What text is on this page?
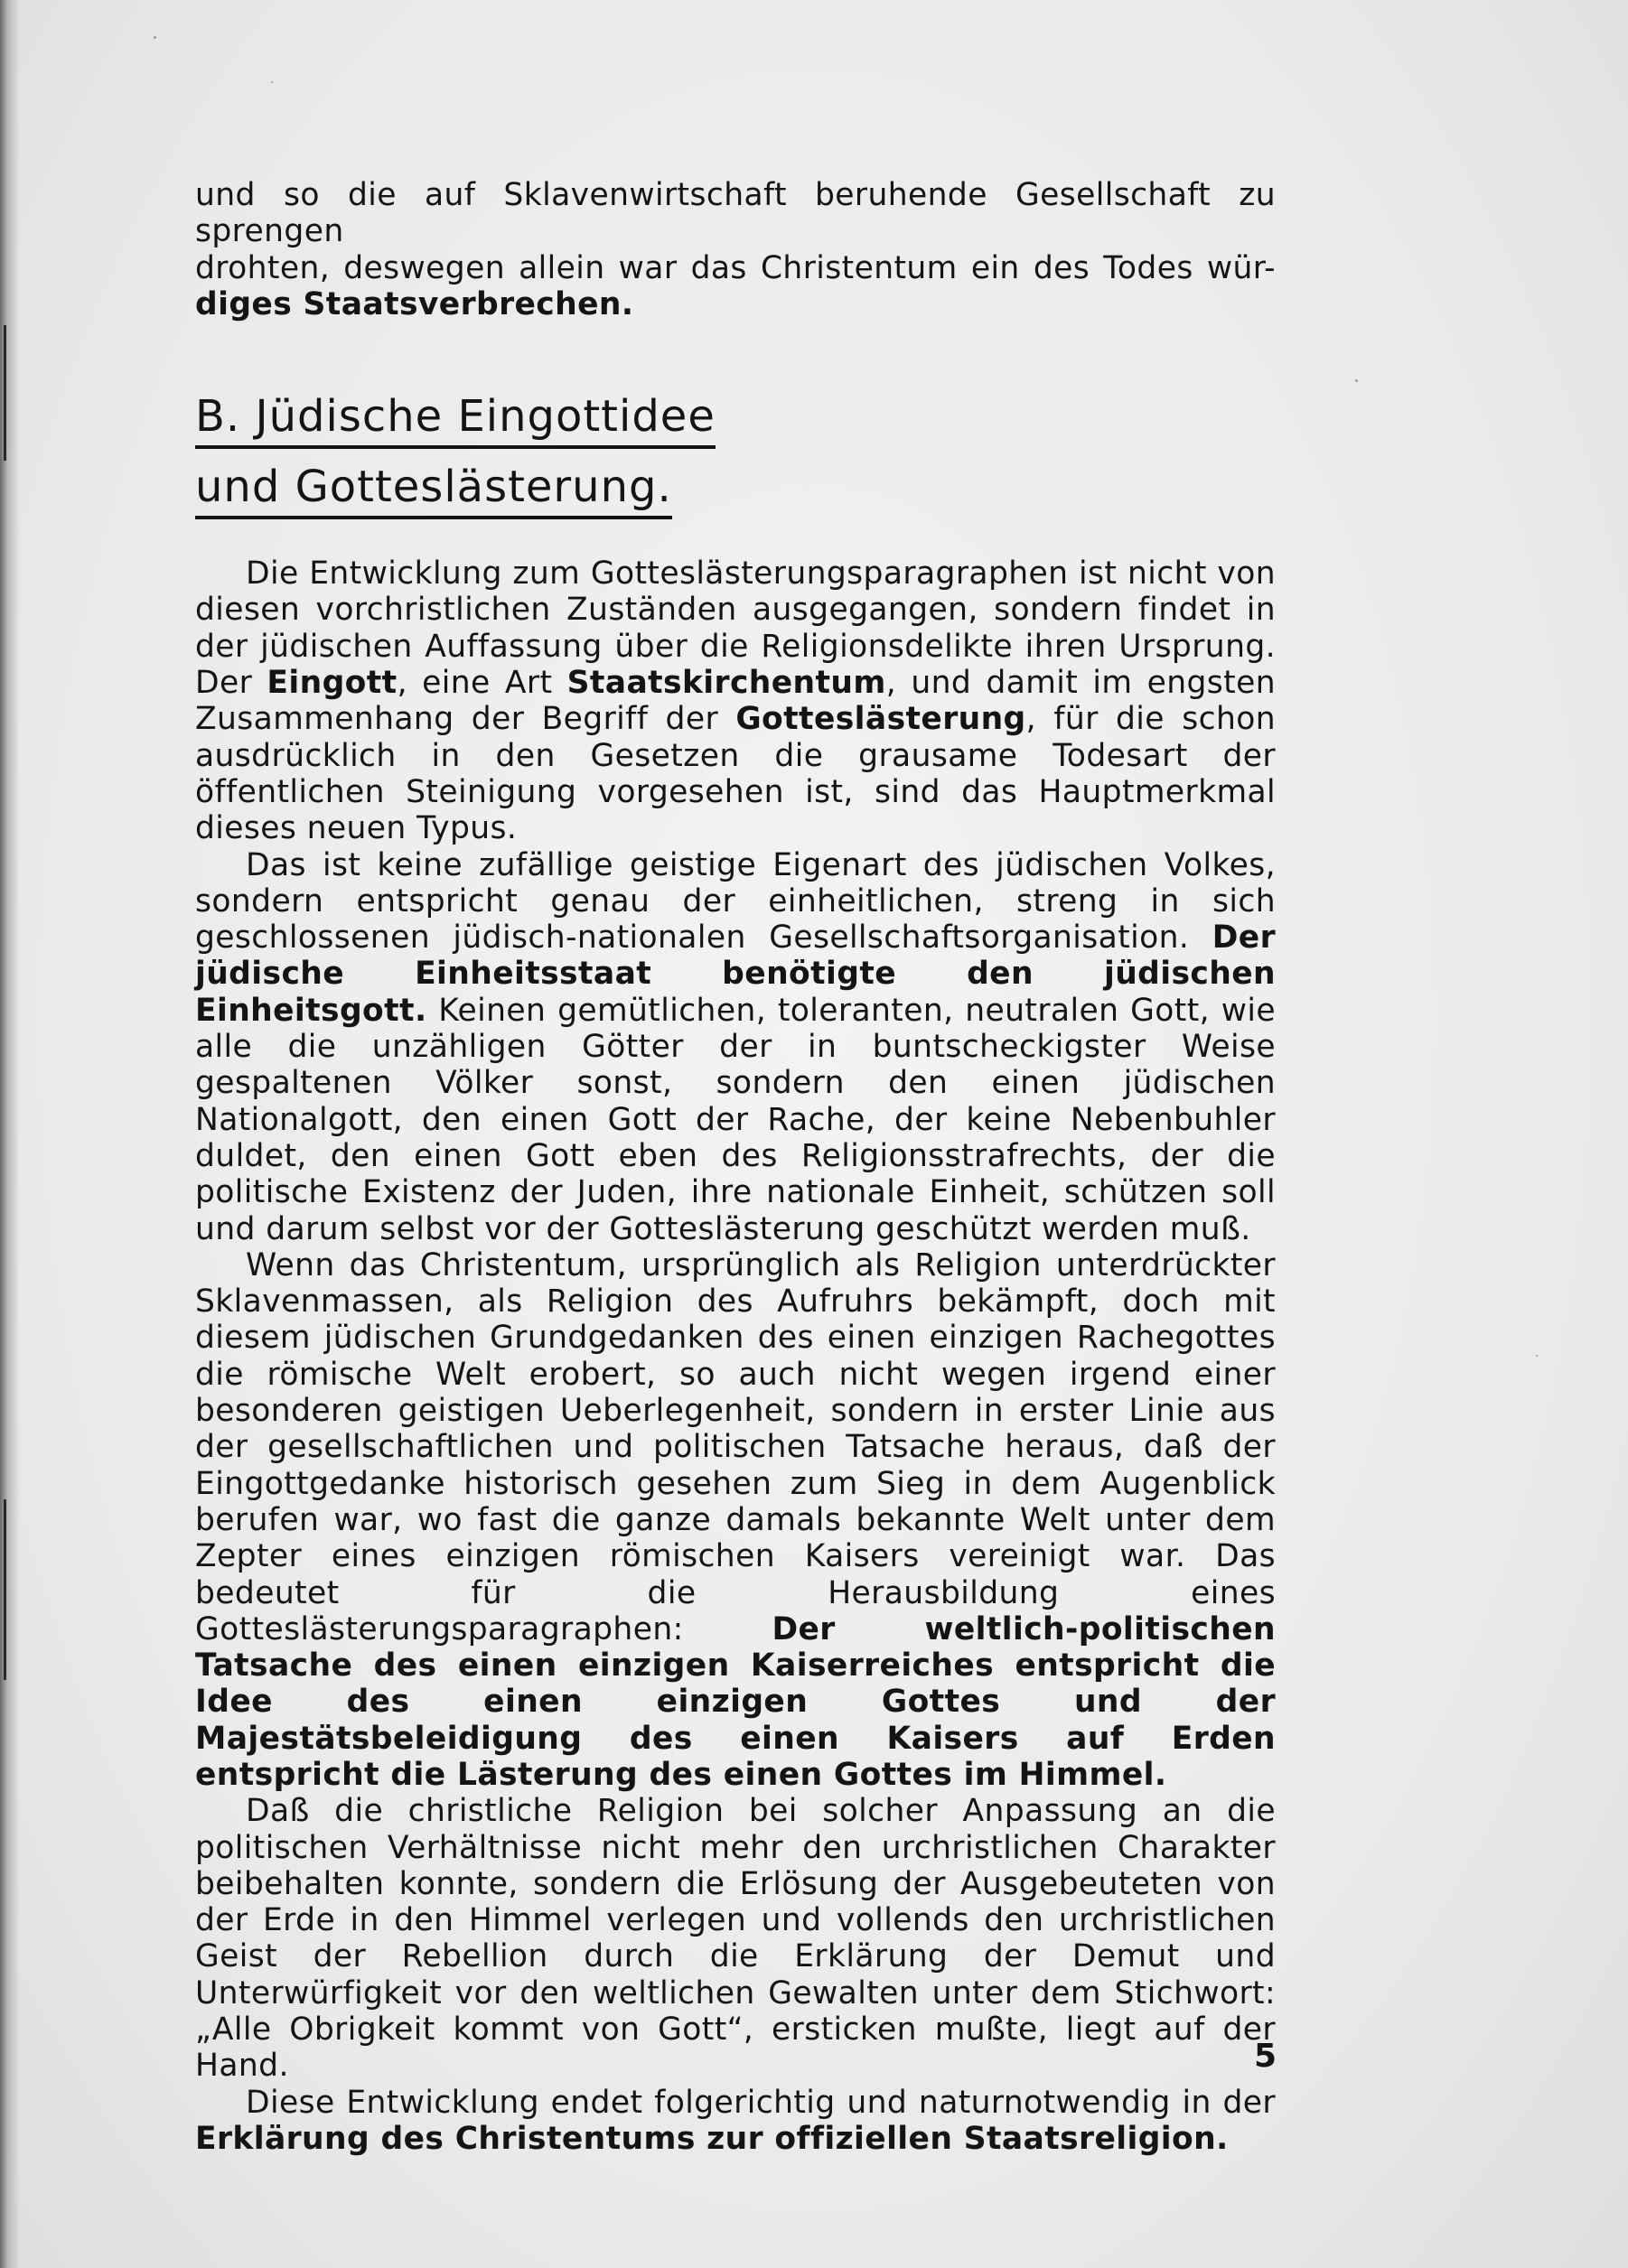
und so die auf Sklavenwirtschaft beruhende Gesellschaft zu sprengen

drohten, deswegen allein war das Christentum ein des Todes wür-

diges Staatsverbrechen.

B. Jüdische Eingottidee
und Gotteslästerung.

Die Entwicklung zum Gotteslästerungsparagraphen ist nicht von diesen vorchristlichen Zuständen ausgegangen, sondern findet in der jüdischen Auffassung über die Religionsdelikte ihren Ursprung. Der Eingott, eine Art Staatskirchentum, und damit im engsten Zusammenhang der Begriff der Gotteslästerung, für die schon ausdrücklich in den Gesetzen die grausame Todesart der öffentlichen Steinigung vorgesehen ist, sind das Hauptmerkmal dieses neuen Typus.

Das ist keine zufällige geistige Eigenart des jüdischen Volkes, sondern entspricht genau der einheitlichen, streng in sich geschlossenen jüdisch-nationalen Gesellschaftsorganisation. Der jüdische Einheitsstaat benötigte den jüdischen Einheitsgott. Keinen gemütlichen, toleranten, neutralen Gott, wie alle die unzähligen Götter der in buntscheckigster Weise gespaltenen Völker sonst, sondern den einen jüdischen Nationalgott, den einen Gott der Rache, der keine Nebenbuhler duldet, den einen Gott eben des Religionsstrafrechts, der die politische Existenz der Juden, ihre nationale Einheit, schützen soll und darum selbst vor der Gotteslästerung geschützt werden muß.

Wenn das Christentum, ursprünglich als Religion unterdrückter Sklavenmassen, als Religion des Aufruhrs bekämpft, doch mit diesem jüdischen Grundgedanken des einen einzigen Rachegottes die römische Welt erobert, so auch nicht wegen irgend einer besonderen geistigen Ueberlegenheit, sondern in erster Linie aus der gesellschaftlichen und politischen Tatsache heraus, daß der Eingottgedanke historisch gesehen zum Sieg in dem Augenblick berufen war, wo fast die ganze damals bekannte Welt unter dem Zepter eines einzigen römischen Kaisers vereinigt war. Das bedeutet für die Herausbildung eines Gotteslästerungsparagraphen: Der weltlich-politischen Tatsache des einen einzigen Kaiserreiches entspricht die Idee des einen einzigen Gottes und der Majestätsbeleidigung des einen Kaisers auf Erden entspricht die Lästerung des einen Gottes im Himmel.

Daß die christliche Religion bei solcher Anpassung an die politischen Verhältnisse nicht mehr den urchristlichen Charakter beibehalten konnte, sondern die Erlösung der Ausgebeuteten von der Erde in den Himmel verlegen und vollends den urchristlichen Geist der Rebellion durch die Erklärung der Demut und Unterwürfigkeit vor den weltlichen Gewalten unter dem Stichwort: „Alle Obrigkeit kommt von Gott“, ersticken mußte, liegt auf der Hand.

Diese Entwicklung endet folgerichtig und naturnotwendig in der Erklärung des Christentums zur offiziellen Staatsreligion.

5
